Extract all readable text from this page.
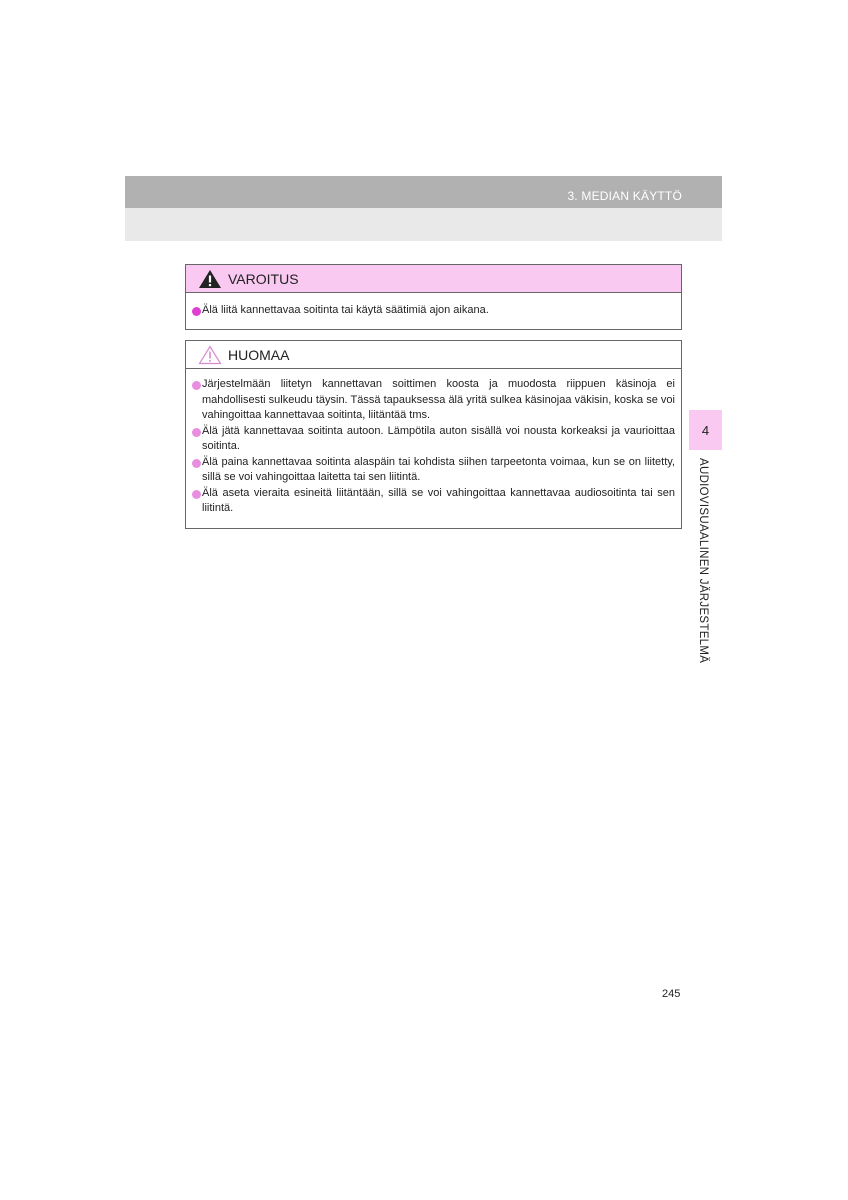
3. MEDIAN KÄYTTÖ
VAROITUS
Älä liitä kannettavaa soitinta tai käytä säätimiä ajon aikana.
HUOMAA
Järjestelmään liitetyn kannettavan soittimen koosta ja muodosta riippuen käsinoja ei mahdollisesti sulkeudu täysin. Tässä tapauksessa älä yritä sulkea käsinojaa väkisin, koska se voi vahingoittaa kannettavaa soitinta, liitäntää tms.
Älä jätä kannettavaa soitinta autoon. Lämpötila auton sisällä voi nousta korkeaksi ja vaurioittaa soitinta.
Älä paina kannettavaa soitinta alaspäin tai kohdista siihen tarpeetonta voimaa, kun se on liitetty, sillä se voi vahingoittaa laitetta tai sen liitintä.
Älä aseta vieraita esineitä liitäntään, sillä se voi vahingoittaa kannettavaa audiosoitinta tai sen liitintä.
4
AUDIOVISUAALINEN JÄRJESTELMÄ
245
